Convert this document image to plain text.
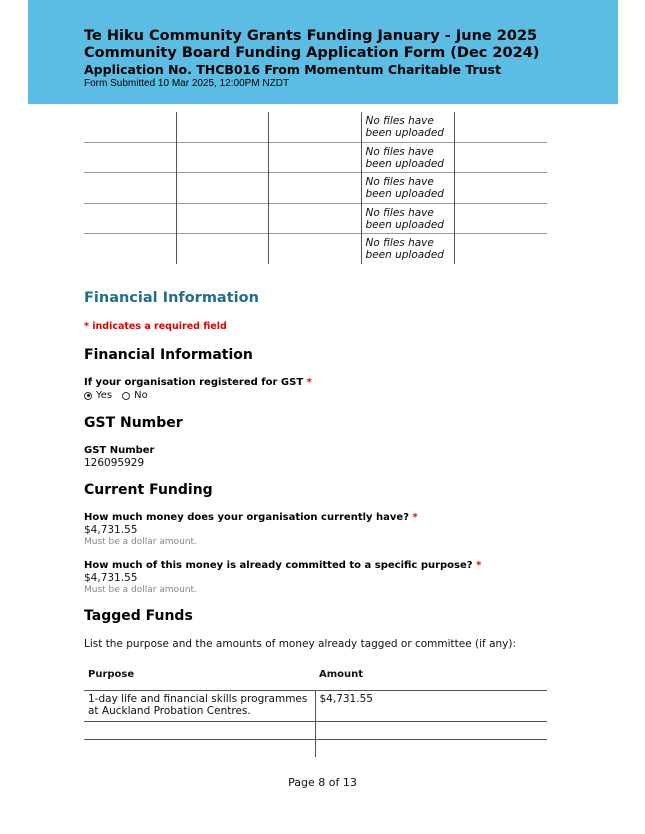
Te Hiku Community Grants Funding January - June 2025
Community Board Funding Application Form (Dec 2024)
Application No. THCB016 From Momentum Charitable Trust
Form Submitted 10 Mar 2025, 12:00PM NZDT
			No files have been uploaded	
			No files have been uploaded	
			No files have been uploaded	
			No files have been uploaded	
			No files have been uploaded	
Financial Information
* indicates a required field
Financial Information
If your organisation registered for GST *
Yes No
GST Number
GST Number
126095929
Current Funding
How much money does your organisation currently have? *
$4,731.55
Must be a dollar amount.
How much of this money is already committed to a specific purpose? *
$4,731.55
Must be a dollar amount.
Tagged Funds
List the purpose and the amounts of money already tagged or committee (if any):
Purpose	Amount
1-day life and financial skills programmes at Auckland Probation Centres.	$4,731.55

Page 8 of 13
